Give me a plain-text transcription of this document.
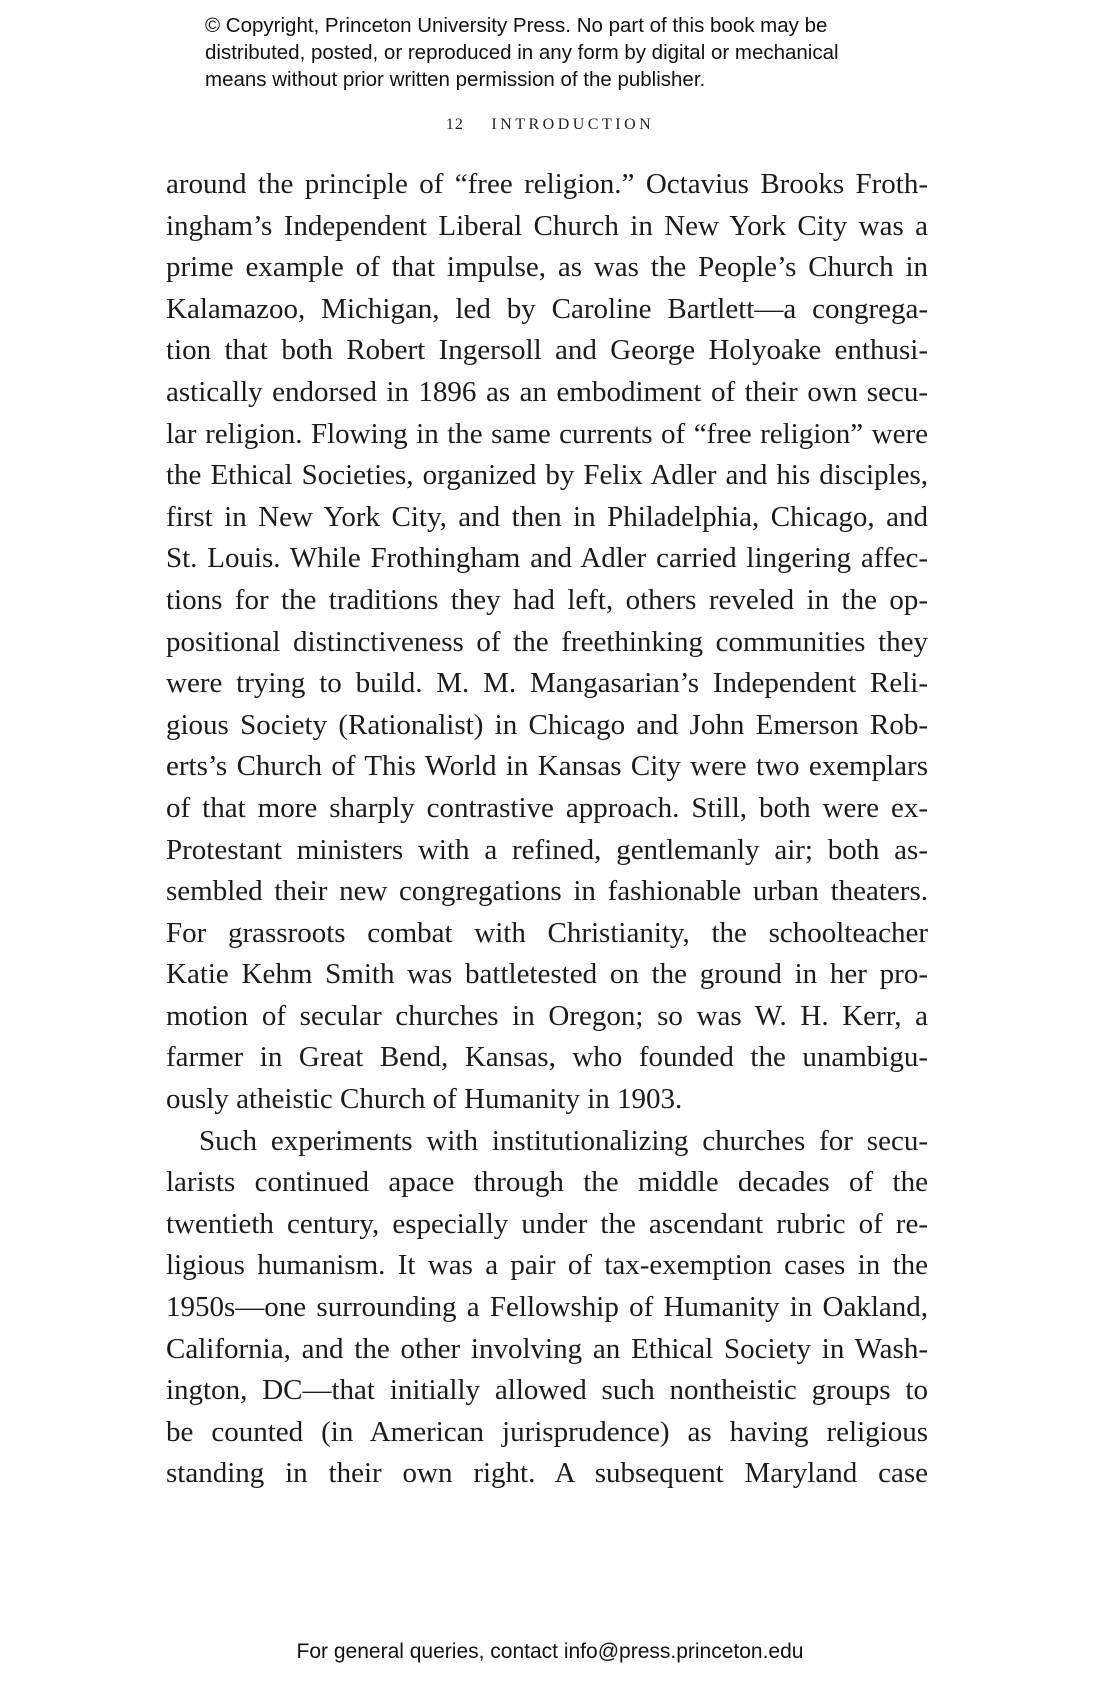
© Copyright, Princeton University Press. No part of this book may be
distributed, posted, or reproduced in any form by digital or mechanical
means without prior written permission of the publisher.
12 INTRODUCTION
around the principle of “free religion.” Octavius Brooks Froth-
ingham’s Independent Liberal Church in New York City was a
prime example of that impulse, as was the People’s Church in
Kalamazoo, Michigan, led by Caroline Bartlett—a congrega-
tion that both Robert Ingersoll and George Holyoake enthusi-
astically endorsed in 1896 as an embodiment of their own secu-
lar religion. Flowing in the same currents of “free religion” were
the Ethical Societies, organized by Felix Adler and his disciples,
first in New York City, and then in Philadelphia, Chicago, and
St. Louis. While Frothingham and Adler carried lingering affec-
tions for the traditions they had left, others reveled in the op-
positional distinctiveness of the freethinking communities they
were trying to build. M. M. Mangasarian’s Independent Reli-
gious Society (Rationalist) in Chicago and John Emerson Rob-
erts’s Church of This World in Kansas City were two exemplars
of that more sharply contrastive approach. Still, both were ex-
Protestant ministers with a refined, gentlemanly air; both as-
sembled their new congregations in fashionable urban theaters.
For grassroots combat with Christianity, the schoolteacher
Katie Kehm Smith was battletested on the ground in her pro-
motion of secular churches in Oregon; so was W. H. Kerr, a
farmer in Great Bend, Kansas, who founded the unambigu-
ously atheistic Church of Humanity in 1903.
Such experiments with institutionalizing churches for secu-
larists continued apace through the middle decades of the
twentieth century, especially under the ascendant rubric of re-
ligious humanism. It was a pair of tax-exemption cases in the
1950s—one surrounding a Fellowship of Humanity in Oakland,
California, and the other involving an Ethical Society in Wash-
ington, DC—that initially allowed such nontheistic groups to
be counted (in American jurisprudence) as having religious
standing in their own right. A subsequent Maryland case
For general queries, contact info@press.princeton.edu
